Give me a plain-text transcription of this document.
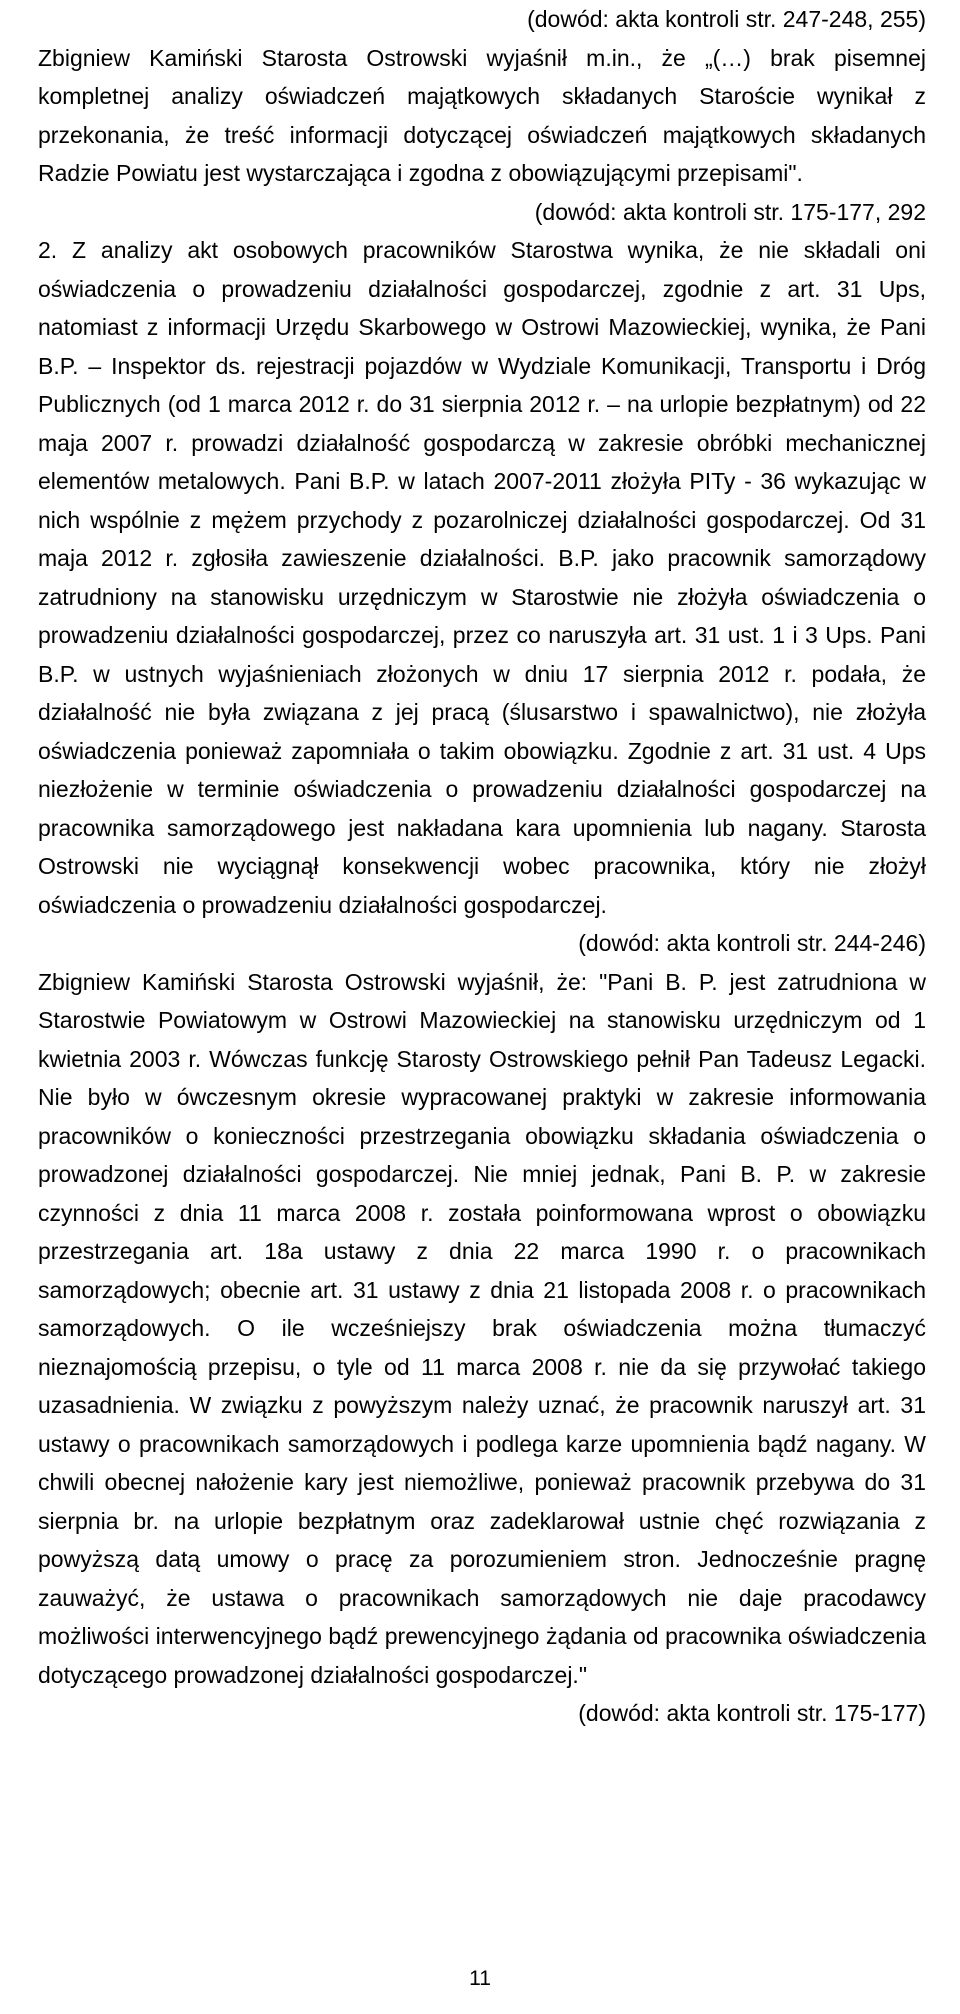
(dowód: akta kontroli str. 247-248, 255)

Zbigniew Kamiński Starosta Ostrowski wyjaśnił m.in., że „(…) brak pisemnej kompletnej analizy oświadczeń majątkowych składanych Staroście wynikał z przekonania, że treść informacji dotyczącej oświadczeń majątkowych składanych Radzie Powiatu jest wystarczająca i zgodna z obowiązującymi przepisami".

(dowód: akta kontroli str. 175-177, 292

2. Z analizy akt osobowych pracowników Starostwa wynika, że nie składali oni oświadczenia o prowadzeniu działalności gospodarczej, zgodnie z art. 31 Ups, natomiast z informacji Urzędu Skarbowego w Ostrowi Mazowieckiej, wynika, że Pani B.P. – Inspektor ds. rejestracji pojazdów w Wydziale Komunikacji, Transportu i Dróg Publicznych (od 1 marca 2012 r. do 31 sierpnia 2012 r. – na urlopie bezpłatnym) od 22 maja 2007 r. prowadzi działalność gospodarczą w zakresie obróbki mechanicznej elementów metalowych. Pani B.P. w latach 2007-2011 złożyła PITy - 36 wykazując w nich wspólnie z mężem przychody z pozarolniczej działalności gospodarczej. Od 31 maja 2012 r. zgłosiła zawieszenie działalności. B.P. jako pracownik samorządowy zatrudniony na stanowisku urzędniczym w Starostwie nie złożyła oświadczenia o prowadzeniu działalności gospodarczej, przez co naruszyła art. 31 ust. 1 i 3 Ups. Pani B.P. w ustnych wyjaśnieniach złożonych w dniu 17 sierpnia 2012 r. podała, że działalność nie była związana z jej pracą (ślusarstwo i spawalnictwo), nie złożyła oświadczenia ponieważ zapomniała o takim obowiązku. Zgodnie z art. 31 ust. 4 Ups niezłożenie w terminie oświadczenia o prowadzeniu działalności gospodarczej na pracownika samorządowego jest nakładana kara upomnienia lub nagany. Starosta Ostrowski nie wyciągnął konsekwencji wobec pracownika, który nie złożył oświadczenia o prowadzeniu działalności gospodarczej.

(dowód: akta kontroli str. 244-246)

Zbigniew Kamiński Starosta Ostrowski wyjaśnił, że: "Pani B. P. jest zatrudniona w Starostwie Powiatowym w Ostrowi Mazowieckiej na stanowisku urzędniczym od 1 kwietnia 2003 r. Wówczas funkcję Starosty Ostrowskiego pełnił Pan Tadeusz Legacki. Nie było w ówczesnym okresie wypracowanej praktyki w zakresie informowania pracowników o konieczności przestrzegania obowiązku składania oświadczenia o prowadzonej działalności gospodarczej. Nie mniej jednak, Pani B. P. w zakresie czynności z dnia 11 marca 2008 r. została poinformowana wprost o obowiązku przestrzegania art. 18a ustawy z dnia 22 marca 1990 r. o pracownikach samorządowych; obecnie art. 31 ustawy z dnia 21 listopada 2008 r. o pracownikach samorządowych. O ile wcześniejszy brak oświadczenia można tłumaczyć nieznajomością przepisu, o tyle od 11 marca 2008 r. nie da się przywołać takiego uzasadnienia. W związku z powyższym należy uznać, że pracownik naruszył art. 31 ustawy o pracownikach samorządowych i podlega karze upomnienia bądź nagany. W chwili obecnej nałożenie kary jest niemożliwe, ponieważ pracownik przebywa do 31 sierpnia br. na urlopie bezpłatnym oraz zadeklarował ustnie chęć rozwiązania z powyższą datą umowy o pracę za porozumieniem stron. Jednocześnie pragnę zauważyć, że ustawa o pracownikach samorządowych nie daje pracodawcy możliwości interwencyjnego bądź prewencyjnego żądania od pracownika oświadczenia dotyczącego prowadzonej działalności gospodarczej."

(dowód: akta kontroli str. 175-177)

11
